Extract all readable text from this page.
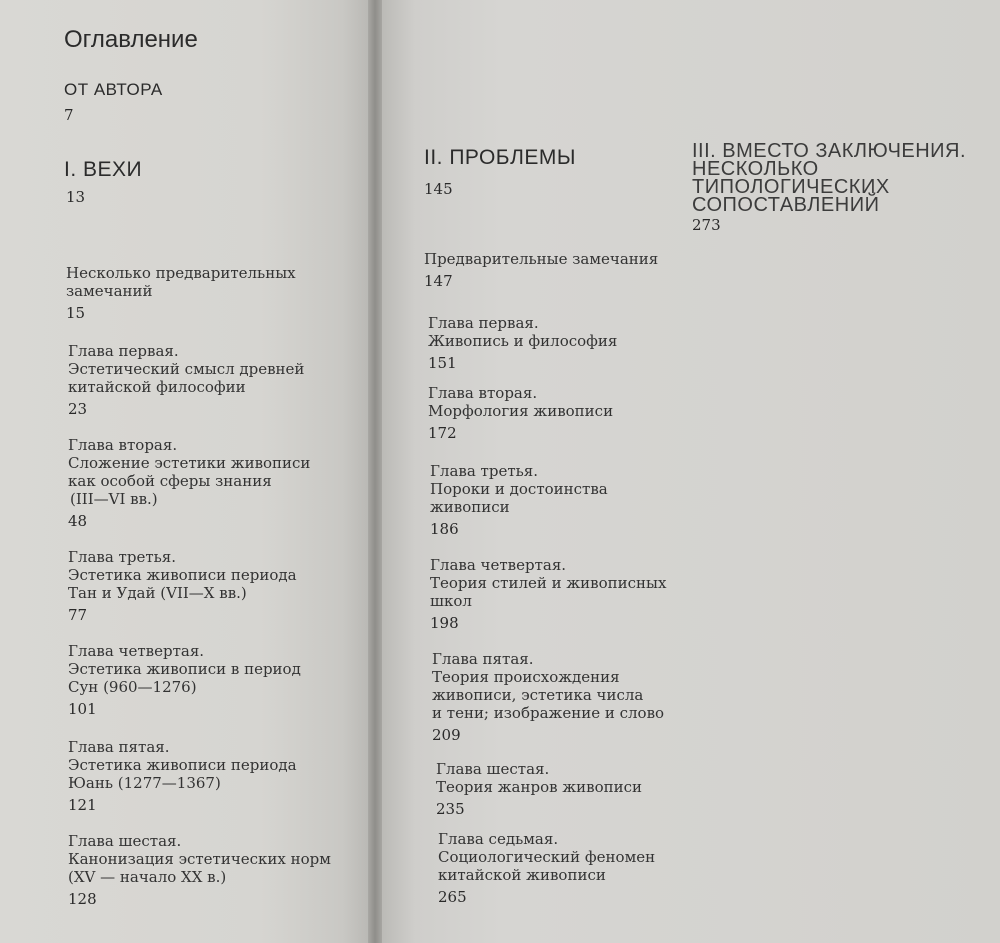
Оглавление
ОТ АВТОРА
7
I. ВЕХИ
13
Несколько предварительных
замечаний
15
Глава первая.
Эстетический смысл древней
китайской философии
23
Глава вторая.
Сложение эстетики живописи
как особой сферы знания
(III—VI вв.)
48
Глава третья.
Эстетика живописи периода
Тан и Удай (VII—X вв.)
77
Глава четвертая.
Эстетика живописи в период
Сун (960—1276)
101
Глава пятая.
Эстетика живописи периода
Юань (1277—1367)
121
Глава шестая.
Канонизация эстетических норм
(XV — начало XX в.)
128
II. ПРОБЛЕМЫ
145
III. ВМЕСТО ЗАКЛЮЧЕНИЯ.
НЕСКОЛЬКО
ТИПОЛОГИЧЕСКИХ
СОПОСТАВЛЕНИЙ
273
Предварительные замечания
147
Глава первая.
Живопись и философия
151
Глава вторая.
Морфология живописи
172
Глава третья.
Пороки и достоинства
живописи
186
Глава четвертая.
Теория стилей и живописных
школ
198
Глава пятая.
Теория происхождения
живописи, эстетика числа
и тени; изображение и слово
209
Глава шестая.
Теория жанров живописи
235
Глава седьмая.
Социологический феномен
китайской живописи
265
